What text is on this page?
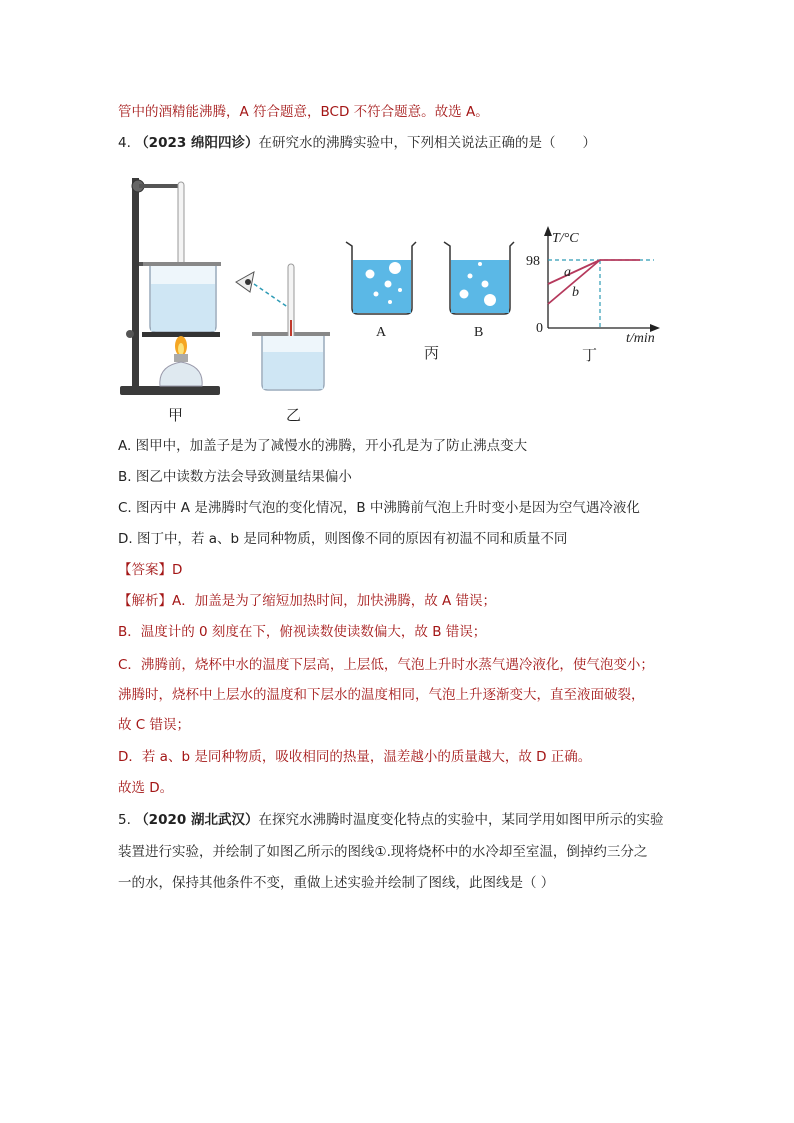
管中的酒精能沸腾，A 符合题意，BCD 不符合题意。故选 A。
4. （2023 绵阳四诊）在研究水的沸腾实验中，下列相关说法正确的是（　　）
甲	乙
A	B
丙
T/°C
98
0
a
b
t/min
丁
A. 图甲中，加盖子是为了减慢水的沸腾，开小孔是为了防止沸点变大
B. 图乙中读数方法会导致测量结果偏小
C. 图丙中 A 是沸腾时气泡的变化情况，B 中沸腾前气泡上升时变小是因为空气遇冷液化
D. 图丁中，若 a、b 是同种物质，则图像不同的原因有初温不同和质量不同
【答案】D
【解析】A．加盖是为了缩短加热时间，加快沸腾，故 A 错误；
B．温度计的 0 刻度在下，俯视读数使读数偏大，故 B 错误；
C．沸腾前，烧杯中水的温度下层高，上层低，气泡上升时水蒸气遇冷液化，使气泡变小；
沸腾时，烧杯中上层水的温度和下层水的温度相同，气泡上升逐渐变大，直至液面破裂，
故 C 错误；
D．若 a、b 是同种物质，吸收相同的热量，温差越小的质量越大，故 D 正确。
故选 D。
5. （2020 湖北武汉）在探究水沸腾时温度变化特点的实验中，某同学用如图甲所示的实验
装置进行实验，并绘制了如图乙所示的图线①.现将烧杯中的水冷却至室温，倒掉约三分之
一的水，保持其他条件不变，重做上述实验并绘制了图线，此图线是（ ）
